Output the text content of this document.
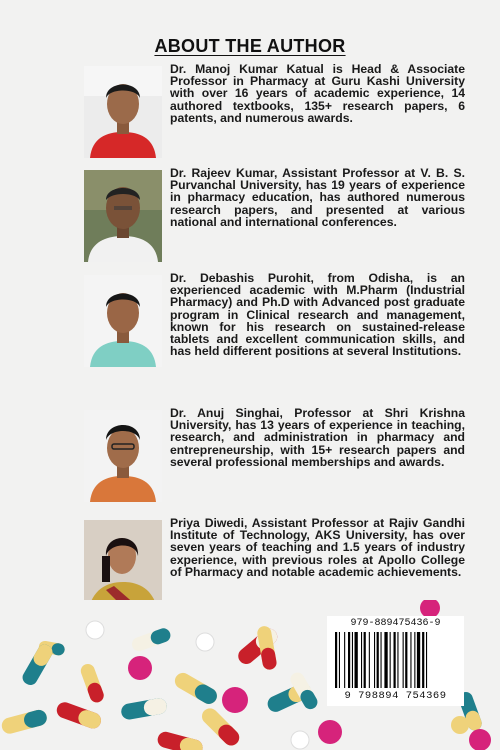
ABOUT THE AUTHOR

Dr. Manoj Kumar Katual is Head & Associate Professor in Pharmacy at Guru Kashi University with over 16 years of academic experience, 14 authored textbooks, 135+ research papers, 6 patents, and numerous awards.

Dr. Rajeev Kumar, Assistant Professor at V. B. S. Purvanchal University, has 19 years of experience in pharmacy education, has authored numerous research papers, and presented at various national and international conferences.

Dr. Debashis Purohit, from Odisha, is an experienced academic with M.Pharm (Industrial Pharmacy) and Ph.D with Advanced post graduate program in Clinical research and management, known for his research on sustained-release tablets and excellent communication skills, and has held different positions at several Institutions.

Dr. Anuj Singhai, Professor at Shri Krishna University, has 13 years of experience in teaching, research, and administration in pharmacy and entrepreneurship, with 15+ research papers and several professional memberships and awards.

Priya Diwedi, Assistant Professor at Rajiv Gandhi Institute of Technology, AKS University, has over seven years of teaching and 1.5 years of industry experience, with previous roles at Apollo College of Pharmacy and notable academic achievements.

979-889475436-9
9 798894 754369
